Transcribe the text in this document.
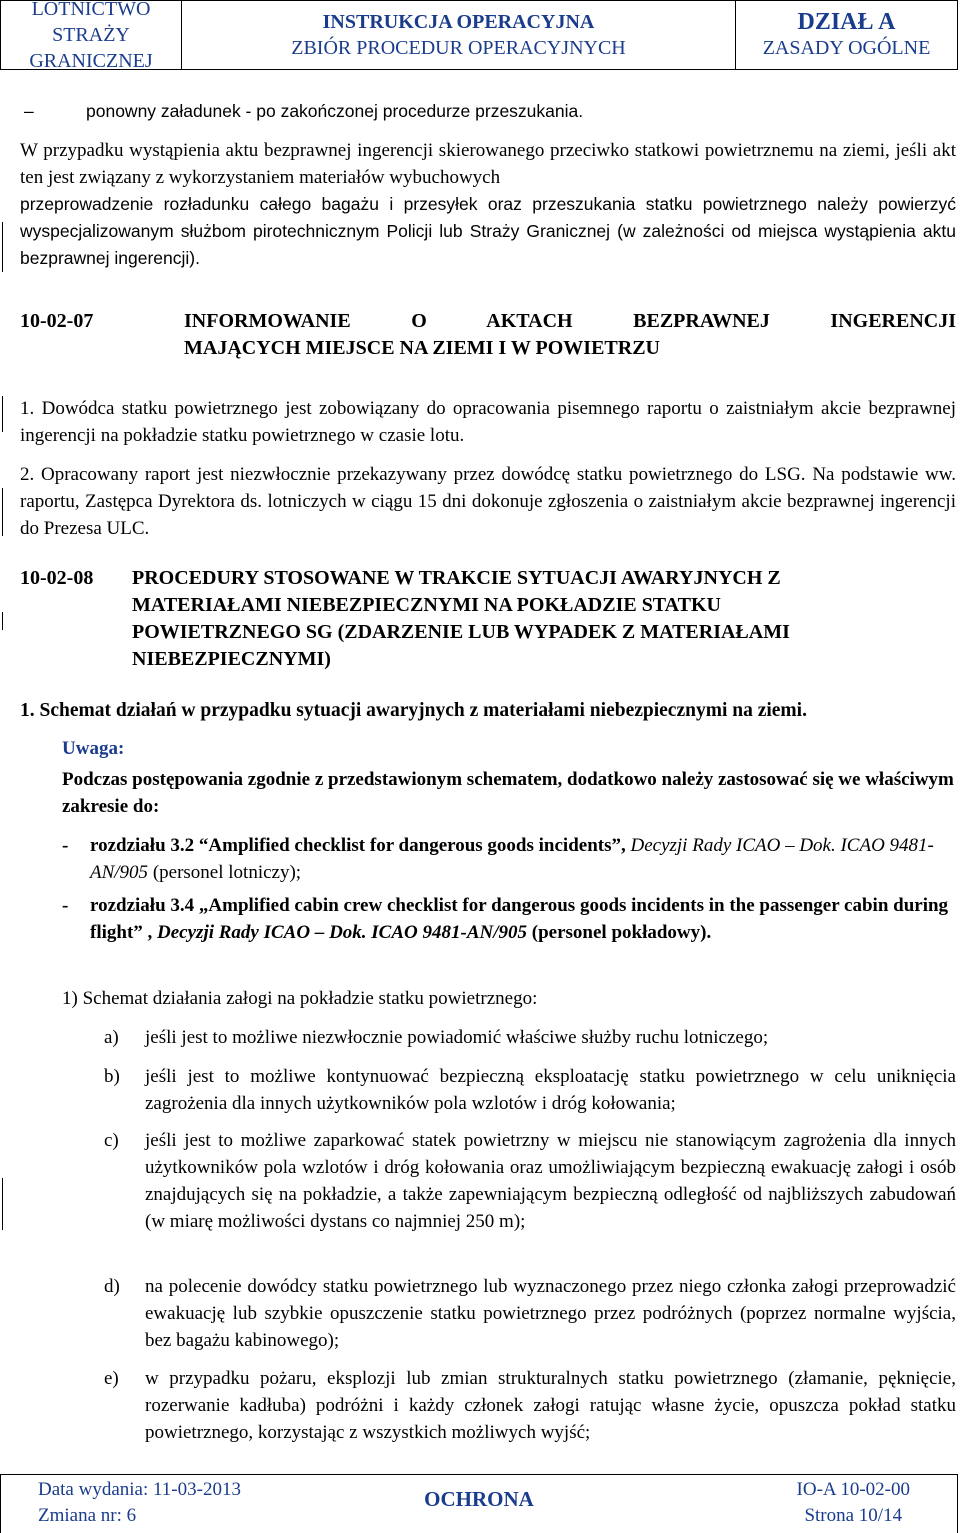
LOTNICTWO
STRAŻY GRANICZNEJ
INSTRUKCJA OPERACYJNA
ZBIÓR PROCEDUR OPERACYJNYCH
DZIAŁ A
ZASADY OGÓLNE
–	ponowny załadunek - po zakończonej procedurze przeszukania.
W przypadku wystąpienia aktu bezprawnej ingerencji skierowanego przeciwko statkowi powietrznemu na ziemi, jeśli akt ten jest związany z wykorzystaniem materiałów wybuchowych
przeprowadzenie rozładunku całego bagażu i przesyłek oraz przeszukania statku powietrznego należy powierzyć wyspecjalizowanym służbom pirotechnicznym Policji lub Straży Granicznej (w zależności od miejsca wystąpienia aktu bezprawnej ingerencji).
10-02-07	INFORMOWANIE O AKTACH BEZPRAWNEJ INGERENCJI
MAJĄCYCH MIEJSCE NA ZIEMI I W POWIETRZU
1. Dowódca statku powietrznego jest zobowiązany do opracowania pisemnego raportu o zaistniałym akcie bezprawnej ingerencji na pokładzie statku powietrznego w czasie lotu.
2. Opracowany raport jest niezwłocznie przekazywany przez dowódcę statku powietrznego do LSG. Na podstawie ww. raportu, Zastępca Dyrektora ds. lotniczych w ciągu 15 dni dokonuje zgłoszenia o zaistniałym akcie bezprawnej ingerencji do Prezesa ULC.
10-02-08 PROCEDURY STOSOWANE W TRAKCIE SYTUACJI AWARYJNYCH Z MATERIAŁAMI NIEBEZPIECZNYMI NA POKŁADZIE STATKU POWIETRZNEGO SG (ZDARZENIE LUB WYPADEK Z MATERIAŁAMI NIEBEZPIECZNYMI)
1. Schemat działań w przypadku sytuacji awaryjnych z materiałami niebezpiecznymi na ziemi.
Uwaga:
Podczas postępowania zgodnie z przedstawionym schematem, dodatkowo należy zastosować się we właściwym zakresie do:
- rozdziału 3.2 “Amplified checklist for dangerous goods incidents”, Decyzji Rady ICAO – Dok. ICAO 9481-AN/905 (personel lotniczy);
- rozdziału 3.4 „Amplified cabin crew checklist for dangerous goods incidents in the passenger cabin during flight” , Decyzji Rady ICAO – Dok. ICAO 9481-AN/905 (personel pokładowy).
1) Schemat działania załogi na pokładzie statku powietrznego:
a) jeśli jest to możliwe niezwłocznie powiadomić właściwe służby ruchu lotniczego;
b) jeśli jest to możliwe kontynuować bezpieczną eksploatację statku powietrznego w celu uniknięcia zagrożenia dla innych użytkowników pola wzlotów i dróg kołowania;
c) jeśli jest to możliwe zaparkować statek powietrzny w miejscu nie stanowiącym zagrożenia dla innych użytkowników pola wzlotów i dróg kołowania oraz umożliwiającym bezpieczną ewakuację załogi i osób znajdujących się na pokładzie, a także zapewniającym bezpieczną odległość od najbliższych zabudowań (w miarę możliwości dystans co najmniej 250 m);
d) na polecenie dowódcy statku powietrznego lub wyznaczonego przez niego członka załogi przeprowadzić ewakuację lub szybkie opuszczenie statku powietrznego przez podróżnych (poprzez normalne wyjścia, bez bagażu kabinowego);
e) w przypadku pożaru, eksplozji lub zmian strukturalnych statku powietrznego (złamanie, pęknięcie, rozerwanie kadłuba) podróżni i każdy członek załogi ratując własne życie, opuszcza pokład statku powietrznego, korzystając z wszystkich możliwych wyjść;
Data wydania: 11-03-2013
Zmiana nr: 6
OCHRONA	IO-A 10-02-00
Strona 10/14
